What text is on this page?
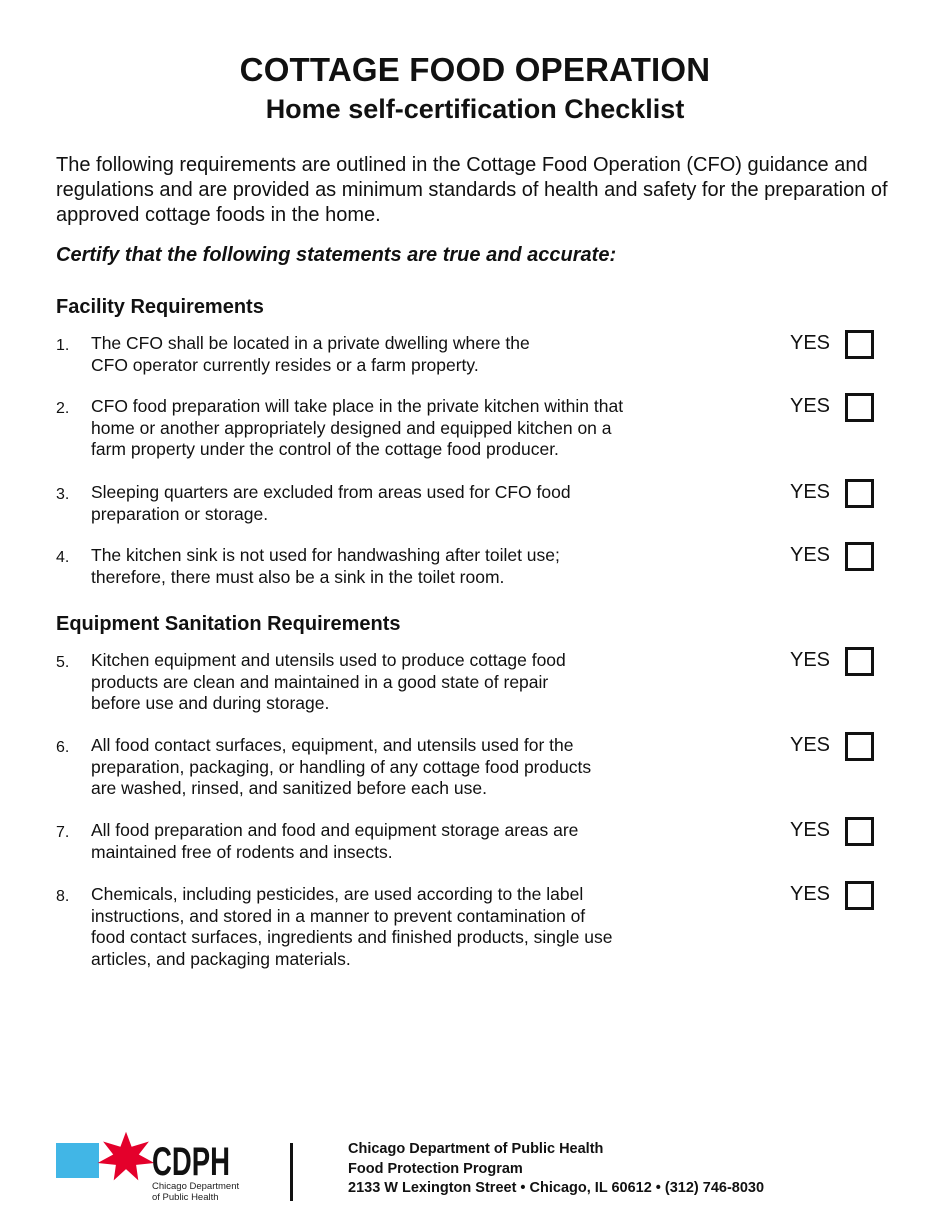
COTTAGE FOOD OPERATION
Home self-certification Checklist
The following requirements are outlined in the Cottage Food Operation (CFO) guidance and regulations and are provided as minimum standards of health and safety for the preparation of approved cottage foods in the home.
Certify that the following statements are true and accurate:
Facility Requirements
1. The CFO shall be located in a private dwelling where the
CFO operator currently resides or a farm property.
YES
2. CFO food preparation will take place in the private kitchen within that
home or another appropriately designed and equipped kitchen on a
farm property under the control of the cottage food producer.
YES
3. Sleeping quarters are excluded from areas used for CFO food
preparation or storage.
YES
4. The kitchen sink is not used for handwashing after toilet use;
therefore, there must also be a sink in the toilet room.
YES
Equipment Sanitation Requirements
5. Kitchen equipment and utensils used to produce cottage food
products are clean and maintained in a good state of repair
before use and during storage.
YES
6. All food contact surfaces, equipment, and utensils used for the
preparation, packaging, or handling of any cottage food products
are washed, rinsed, and sanitized before each use.
YES
7. All food preparation and food and equipment storage areas are
maintained free of rodents and insects.
YES
8. Chemicals, including pesticides, are used according to the label
instructions, and stored in a manner to prevent contamination of
food contact surfaces, ingredients and finished products, single use
articles, and packaging materials.
YES
CDPH
Chicago Department
of Public Health
Chicago Department of Public Health
Food Protection Program
2133 W Lexington Street • Chicago, IL 60612 • (312) 746-8030
